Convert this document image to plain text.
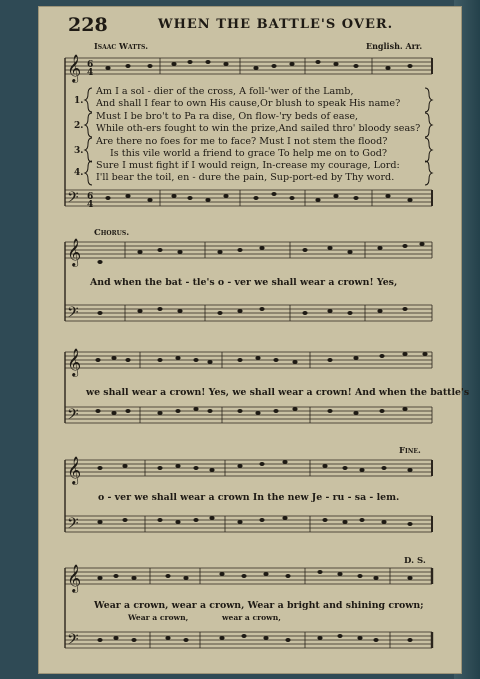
𝄞
𝄢
𝄞
𝄢
𝄞
𝄢
𝄞
𝄢
𝄞
𝄢
6
4
6
4
228	WHEN THE BATTLE'S OVER.
Isaac Watts.	English. Arr.
1.
Am I a sol - dier of the cross, A foll-'wer of the Lamb,
And shall I fear to own His cause,Or blush to speak His name?
2.
Must I be bro't to Pa ra dise, On flow-'ry beds of ease,
While oth-ers fought to win the prize,And sailed thro' bloody seas?
3.
Are there no foes for me to face? Must I not stem the flood?
Is this vile world a friend to grace To help me on to God?
4.
Sure I must fight if I would reign, In-crease my courage, Lord:
I'll bear the toil, en - dure the pain, Sup-port-ed by Thy word.
Chorus.
And when the bat - tle's o - ver we shall wear a crown! Yes,
we shall wear a crown! Yes, we shall wear a crown! And when the battle's
Fine.
o - ver we shall wear a crown In the new Je - ru - sa - lem.
D. S.
Wear a crown, wear a crown, Wear a bright and shining crown;
Wear a crown,	wear a crown,
